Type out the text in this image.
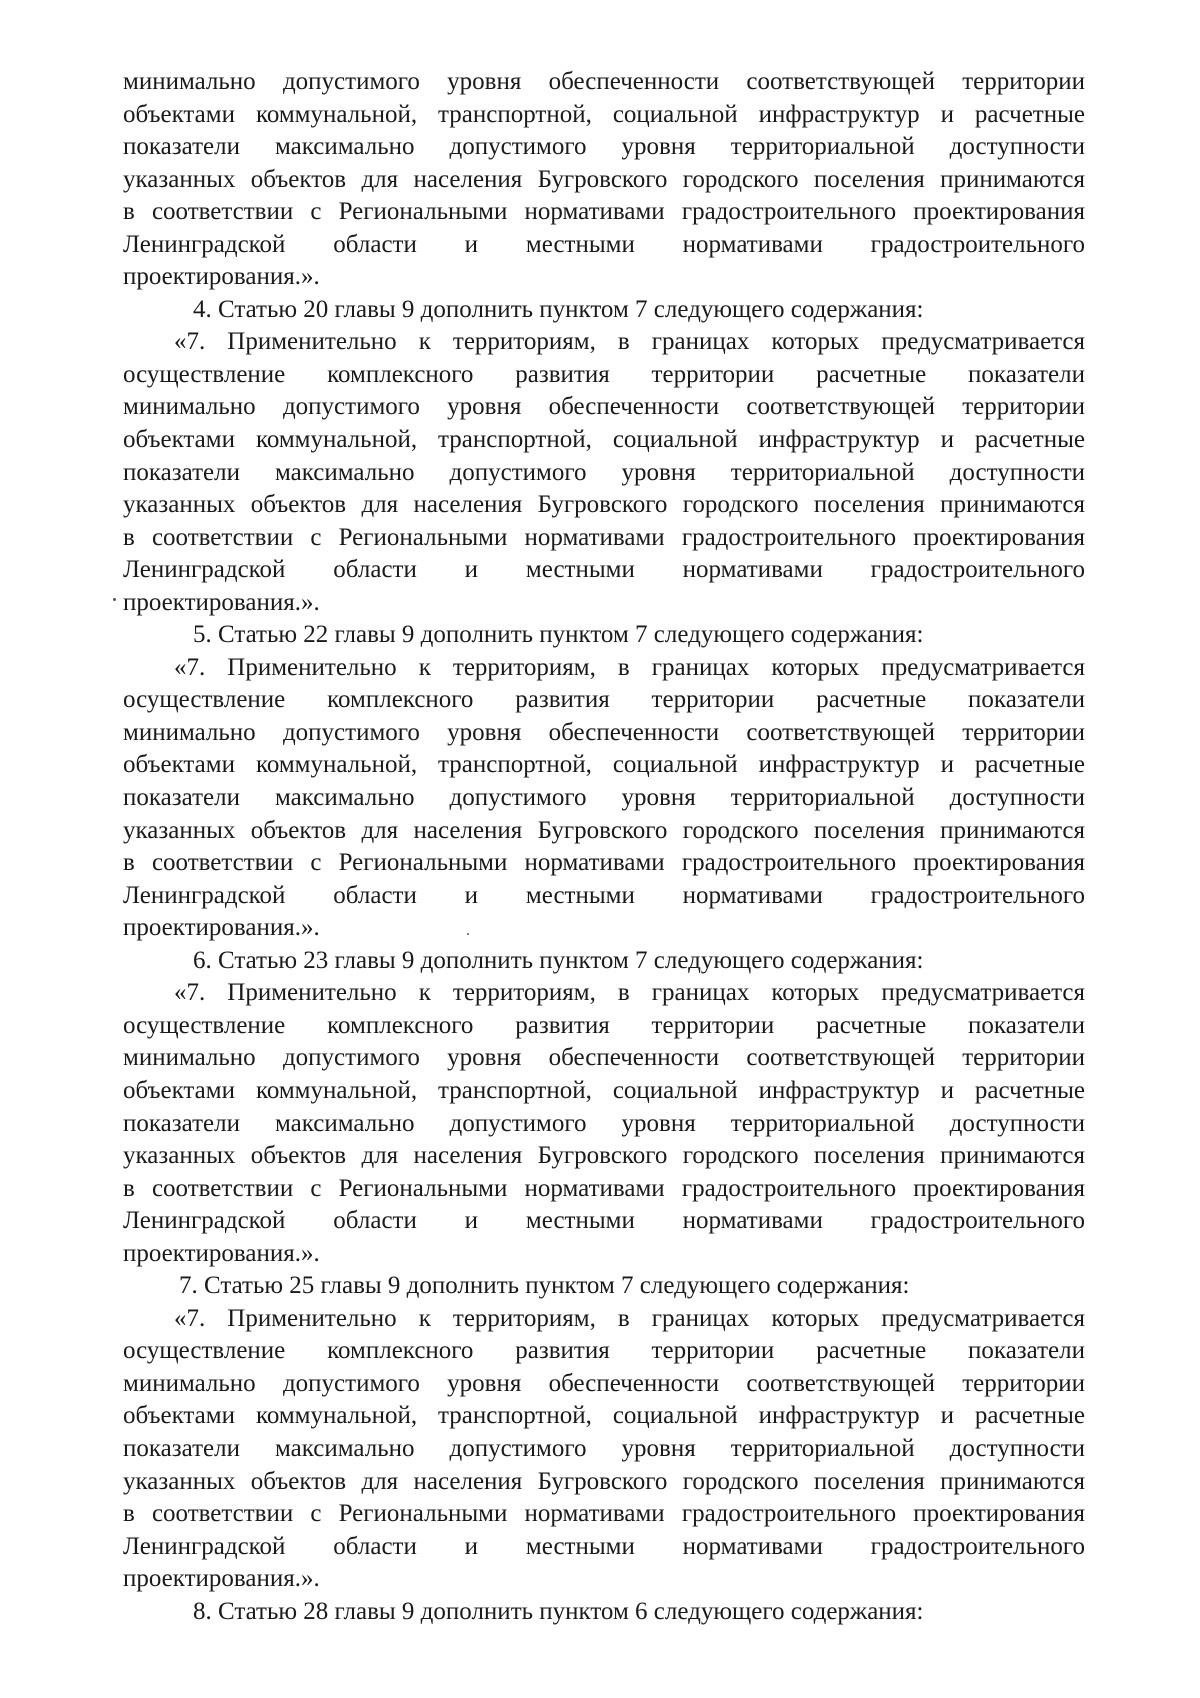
минимально допустимого уровня обеспеченности соответствующей территории
объектами коммунальной, транспортной, социальной инфраструктур и расчетные
показатели максимально допустимого уровня территориальной доступности
указанных объектов для населения Бугровского городского поселения принимаются
в соответствии с Региональными нормативами градостроительного проектирования
Ленинградской области и местными нормативами градостроительного
проектирования.».
4. Статью 20 главы 9 дополнить пунктом 7 следующего содержания:
«7. Применительно к территориям, в границах которых предусматривается
осуществление комплексного развития территории расчетные показатели
минимально допустимого уровня обеспеченности соответствующей территории
объектами коммунальной, транспортной, социальной инфраструктур и расчетные
показатели максимально допустимого уровня территориальной доступности
указанных объектов для населения Бугровского городского поселения принимаются
в соответствии с Региональными нормативами градостроительного проектирования
Ленинградской области и местными нормативами градостроительного
проектирования.».
5. Статью 22 главы 9 дополнить пунктом 7 следующего содержания:
«7. Применительно к территориям, в границах которых предусматривается
осуществление комплексного развития территории расчетные показатели
минимально допустимого уровня обеспеченности соответствующей территории
объектами коммунальной, транспортной, социальной инфраструктур и расчетные
показатели максимально допустимого уровня территориальной доступности
указанных объектов для населения Бугровского городского поселения принимаются
в соответствии с Региональными нормативами градостроительного проектирования
Ленинградской области и местными нормативами градостроительного
проектирования.».
6. Статью 23 главы 9 дополнить пунктом 7 следующего содержания:
«7. Применительно к территориям, в границах которых предусматривается
осуществление комплексного развития территории расчетные показатели
минимально допустимого уровня обеспеченности соответствующей территории
объектами коммунальной, транспортной, социальной инфраструктур и расчетные
показатели максимально допустимого уровня территориальной доступности
указанных объектов для населения Бугровского городского поселения принимаются
в соответствии с Региональными нормативами градостроительного проектирования
Ленинградской области и местными нормативами градостроительного
проектирования.».
7. Статью 25 главы 9 дополнить пунктом 7 следующего содержания:
«7. Применительно к территориям, в границах которых предусматривается
осуществление комплексного развития территории расчетные показатели
минимально допустимого уровня обеспеченности соответствующей территории
объектами коммунальной, транспортной, социальной инфраструктур и расчетные
показатели максимально допустимого уровня территориальной доступности
указанных объектов для населения Бугровского городского поселения принимаются
в соответствии с Региональными нормативами градостроительного проектирования
Ленинградской области и местными нормативами градостроительного
проектирования.».
8. Статью 28 главы 9 дополнить пунктом 6 следующего содержания:
